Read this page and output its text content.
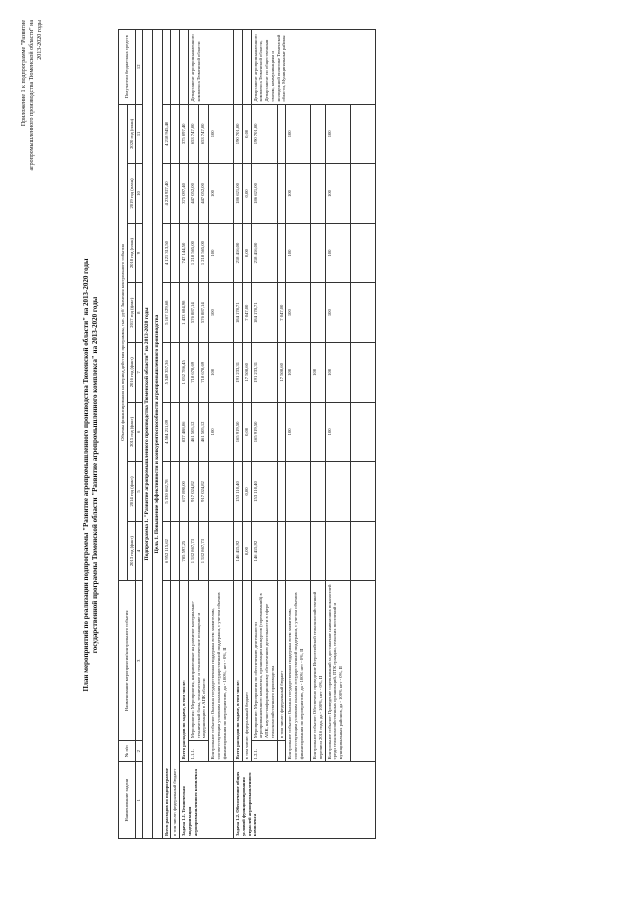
Приложение 1 к подпрограмме "Развитие агропромышленного производства Тюменской области" на 2013-2020 годы
План мероприятий по реализации подпрограммы "Развитие агропромышленного производства Тюменской области" на 2013-2020 годы государственной программы Тюменской области "Развитие агропромышленного комплекса" на 2013-2020 годы
Наименование задачи	№ п/п	Наименование мероприятия/контрольного события	Объемы финансирования на период действия программы, тыс. руб/ Значения контрольного события								Получатели бюджетных средств
			2013 год (факт)	2014 год (факт)	2015 год (факт)	2016 год (факт)	2017 год (факт)	2018 год (план)	2019 год (план)	2020 год (план)	
1	2	3	4	5	6	7	8	9	10	11	12
Подпрограмма 1. "Развитие агропромышленного производства Тюменской области" на 2013-2020 годы											
Цель 1. Повышение эффективности и конкурентоспособности агропромышленного производства											
Всего расходов по подпрограмме			6 952 115,62	5 330 662,78	4 584 211,09	5 349 357,36	5 167 129,68	4 121 313,50	4 234 927,40	4 218 945,40	
в том числе: федеральный бюджет											
Задача 1.1. Техническая модернизация агропромышленного комплекса	Всего расходов по задаче, в том числе:		785 597,25	677 890,00	837 488,06	1 052 786,45	1 433 684,98	747 144,50	375 097,40	375 097,40	
	1.1.1.	Мероприятия: Мероприятия, направленные на развитие материально-технической базы, техническое и технологическое оснащение и модернизацию в АПК области	1 532 867,73	917 024,82	461 505,12	718 678,69	576 887,14	1 218 565,00	447 052,00	653 747,00	Департамент агропромышленного комплекса Тюменской области
			1 532 867,73	917 024,82	461 505,12	718 678,69	576 887,14	1 218 565,00	447 052,00	653 747,00	
	Контрольное событие: Оказана государственная поддержка всем заявителям, соответствующим условиям оказания государственной поддержки, с учетом объемов финансирования по мероприятию, да - 100%, нет - 0%, II				100	100	100	100	100	100	
Задача 1.2. Обеспечение общих условий функционирования отраслей агропромышленного комплекса	Всего расходов по задаче, в том числе:		146 415,92	153 110,40	165 919,50	191 233,31	184 178,71	218 416,00	186 621,00	190 701,00	
	в том числе: федеральный бюджет		0,00	0,00	0,00	17 508,60	7 047,00	0,00	0,00	0,00	
	1.2.1.	Мероприятие: Мероприятия по обеспечению деятельности агропромышленного комплекса, организации конкурсов (соревнований) в АПК, научно-информационному обеспечению деятельности в сфере сельскохозяйственного производства	146 415,92	153 110,40	165 919,50	191 233,31	184 178,71	218 416,00	186 621,00	190 701,00	Департамент агропромышленного комплекса Тюменской области, Департамент по общественным связям, коммуникациям и молодежной политике Тюменской области, Муниципальные районы
		в том числе: федеральный бюджет				17 508,60	7 047,00				
	Контрольное событие: Оказана государственная поддержка всем заявителям, соответствующим условиям оказания государственной поддержки, с учетом объемов финансирования по мероприятию, да - 100% нет - 0%, II				100	100	100	100	100	100	
	Контрольное событие: Обеспечено проведение Всероссийской сельскохозяйственной переписи 2016 года, да - 100%, нет - 0%, II					100					
	Контрольное событие: Проведение соревнований за достижение наивысших показателей среди сельскохозяйственных организаций, ПТК граждан, сельских поселений и муниципальных районов, да - 100% нет - 0%, II				100	100	100	100	100	100	
